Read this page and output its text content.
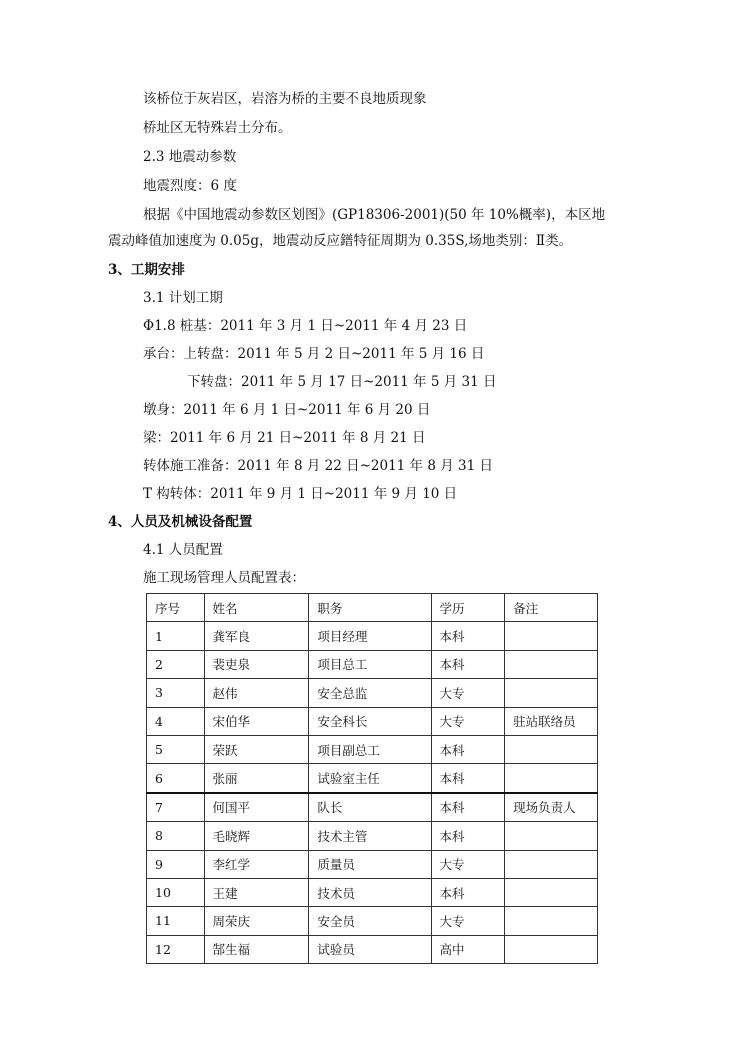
该桥位于灰岩区，岩溶为桥的主要不良地质现象
桥址区无特殊岩土分布。
2.3 地震动参数
地震烈度：6 度
根据《中国地震动参数区划图》(GP18306-2001)(50 年 10%概率)，本区地
震动峰值加速度为 0.05g，地震动反应鐠特征周期为 0.35S,场地类别：Ⅱ类。
3、工期安排
3.1 计划工期
Φ1.8 桩基：2011 年 3 月 1 日~2011 年 4 月 23 日
承台：上转盘：2011 年 5 月 2 日~2011 年 5 月 16 日
下转盘：2011 年 5 月 17 日~2011 年 5 月 31 日
墩身：2011 年 6 月 1 日~2011 年 6 月 20 日
梁：2011 年 6 月 21 日~2011 年 8 月 21 日
转体施工准备：2011 年 8 月 22 日~2011 年 8 月 31 日
T 构转体：2011 年 9 月 1 日~2011 年 9 月 10 日
4、人员及机械设备配置
4.1 人员配置
施工现场管理人员配置表：
序号	姓名	职务	学历	备注
1	龚军良	项目经理	本科	
2	裴吏泉	项目总工	本科	
3	赵伟	安全总监	大专	
4	宋伯华	安全科长	大专	驻站联络员
5	荣跃	项目副总工	本科	
6	张丽	试验室主任	本科	
7	何国平	队长	本科	现场负责人
8	毛晓辉	技术主管	本科	
9	李红学	质量员	大专	
10	王建	技术员	本科	
11	周荣庆	安全员	大专	
12	郜生福	试验员	高中	
